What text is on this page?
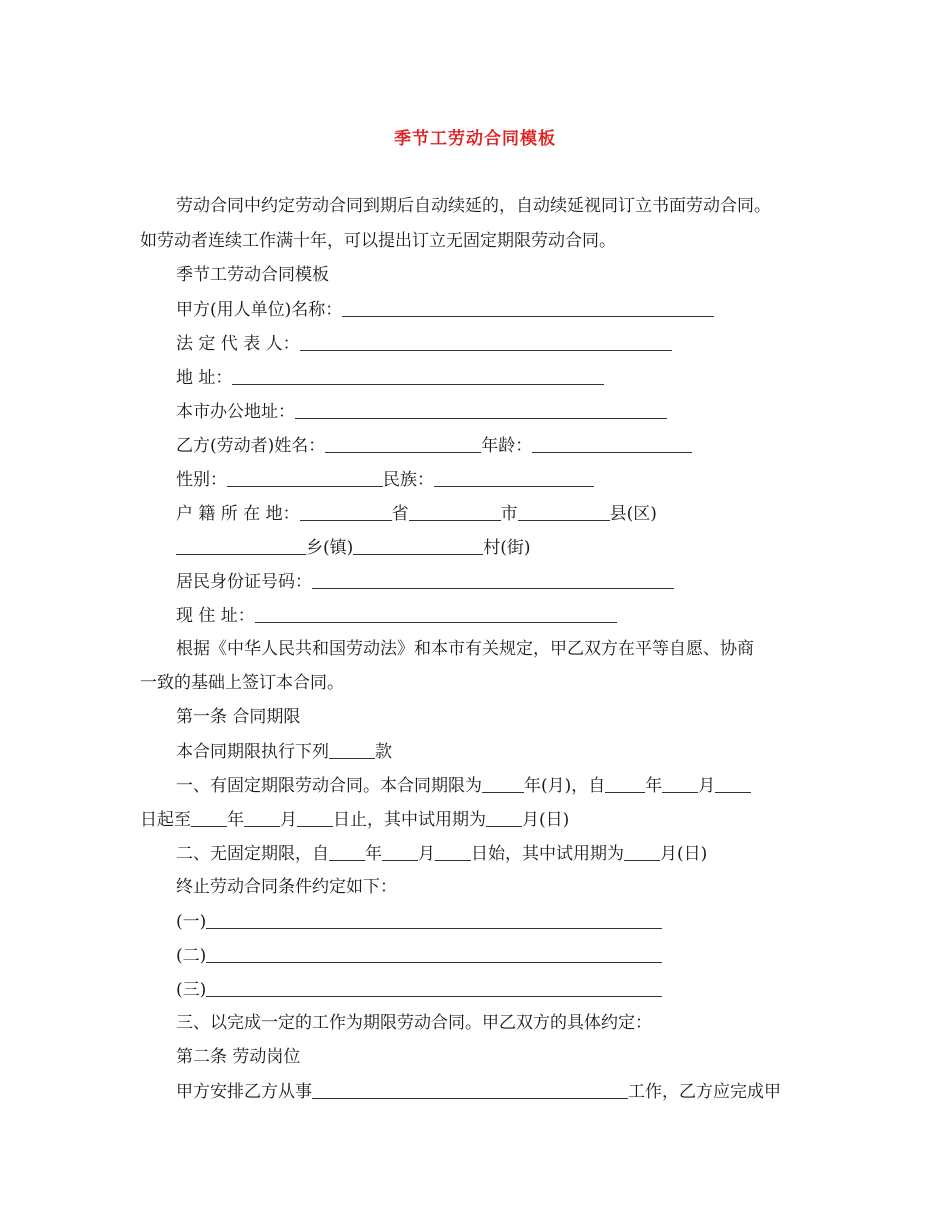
季节工劳动合同模板
劳动合同中约定劳动合同到期后自动续延的，自动续延视同订立书面劳动合同。
如劳动者连续工作满十年，可以提出订立无固定期限劳动合同。
季节工劳动合同模板
甲方(用人单位)名称：
法 定 代 表 人：
地 址：
本市办公地址：
乙方(劳动者)姓名：	年龄：
性别：	民族：
户 籍 所 在 地：	省	市	县(区)
乡(镇)	村(街)
居民身份证号码：
现 住 址：
根据《中华人民共和国劳动法》和本市有关规定，甲乙双方在平等自愿、协商
一致的基础上签订本合同。
第一条 合同期限
本合同期限执行下列	款
一、有固定期限劳动合同。本合同期限为 年(月)，自 年 月
日起至 年 月 日止，其中试用期为 月(日)
二、无固定期限，自 年 月 日始，其中试用期为 月(日)
终止劳动合同条件约定如下：
(一)
(二)
(三)
三、以完成一定的工作为期限劳动合同。甲乙双方的具体约定：
第二条 劳动岗位
甲方安排乙方从事	工作，乙方应完成甲
